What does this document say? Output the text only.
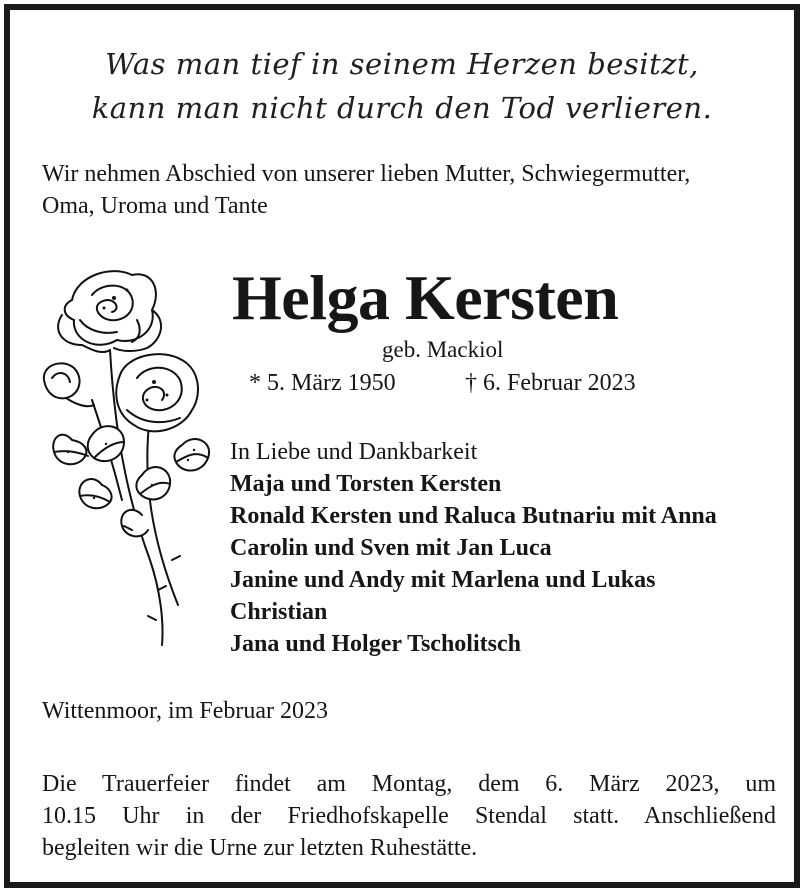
Was man tief in seinem Herzen besitzt,
kann man nicht durch den Tod verlieren.
Wir nehmen Abschied von unserer lieben Mutter, Schwiegermutter,
Oma, Uroma und Tante
Helga Kersten
geb. Mackiol
* 5. März 1950	† 6. Februar 2023
In Liebe und Dankbarkeit
Maja und Torsten Kersten
Ronald Kersten und Raluca Butnariu mit Anna
Carolin und Sven mit Jan Luca
Janine und Andy mit Marlena und Lukas
Christian
Jana und Holger Tscholitsch
Wittenmoor, im Februar 2023
Die Trauerfeier findet am Montag, dem 6. März 2023, um
10.15 Uhr in der Friedhofskapelle Stendal statt. Anschließend
begleiten wir die Urne zur letzten Ruhestätte.
